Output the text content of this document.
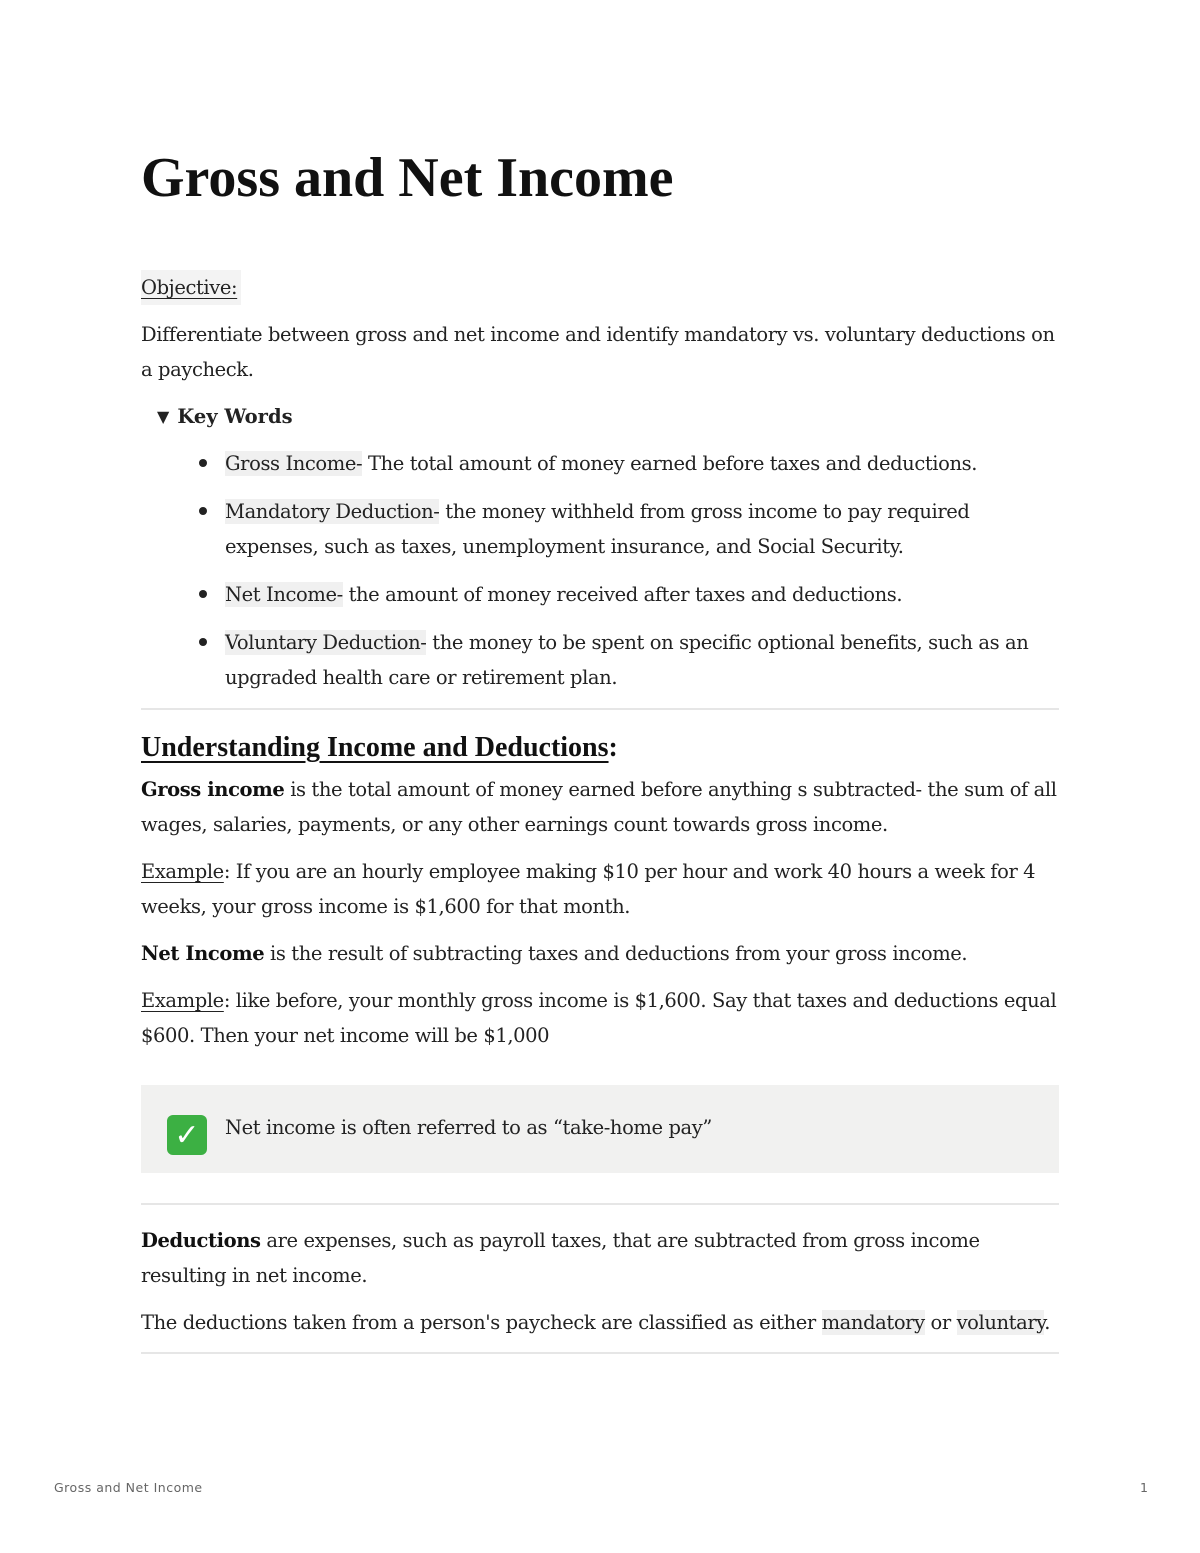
Gross and Net Income
Objective:
Differentiate between gross and net income and identify mandatory vs. voluntary deductions on a paycheck.
▼ Key Words
Gross Income- The total amount of money earned before taxes and deductions.
Mandatory Deduction- the money withheld from gross income to pay required expenses, such as taxes, unemployment insurance, and Social Security.
Net Income- the amount of money received after taxes and deductions.
Voluntary Deduction- the money to be spent on specific optional benefits, such as an upgraded health care or retirement plan.
Understanding Income and Deductions:
Gross income is the total amount of money earned before anything s subtracted- the sum of all wages, salaries, payments, or any other earnings count towards gross income.
Example: If you are an hourly employee making $10 per hour and work 40 hours a week for 4 weeks, your gross income is $1,600 for that month.
Net Income is the result of subtracting taxes and deductions from your gross income.
Example: like before, your monthly gross income is $1,600. Say that taxes and deductions equal $600. Then your net income will be $1,000
✓	Net income is often referred to as “take-home pay”
Deductions are expenses, such as payroll taxes, that are subtracted from gross income resulting in net income.
The deductions taken from a person's paycheck are classified as either mandatory or voluntary.
Gross and Net Income	1
